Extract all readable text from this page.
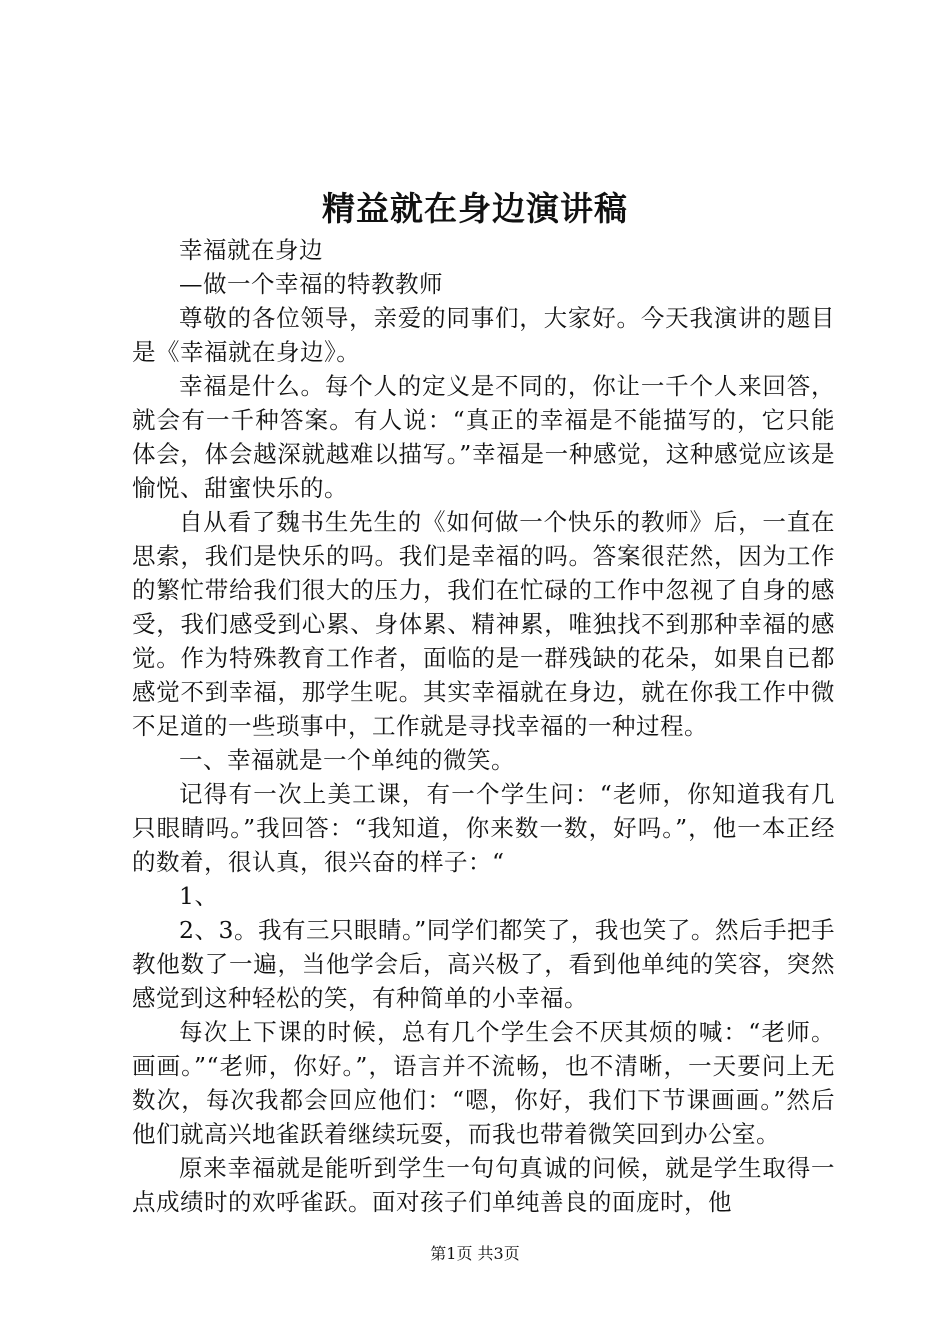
精益就在身边演讲稿

幸福就在身边

—做一个幸福的特教教师

尊敬的各位领导，亲爱的同事们，大家好。今天我演讲的题目是《幸福就在身边》。

幸福是什么。每个人的定义是不同的，你让一千个人来回答，就会有一千种答案。有人说：“真正的幸福是不能描写的，它只能体会，体会越深就越难以描写。”幸福是一种感觉，这种感觉应该是愉悦、甜蜜快乐的。

自从看了魏书生先生的《如何做一个快乐的教师》后，一直在思索，我们是快乐的吗。我们是幸福的吗。答案很茫然，因为工作的繁忙带给我们很大的压力，我们在忙碌的工作中忽视了自身的感受，我们感受到心累、身体累、精神累，唯独找不到那种幸福的感觉。作为特殊教育工作者，面临的是一群残缺的花朵，如果自已都感觉不到幸福，那学生呢。其实幸福就在身边，就在你我工作中微不足道的一些琐事中，工作就是寻找幸福的一种过程。

一、幸福就是一个单纯的微笑。

记得有一次上美工课，有一个学生问：“老师，你知道我有几只眼睛吗。”我回答：“我知道，你来数一数，好吗。”，他一本正经的数着，很认真，很兴奋的样子：“

1、

2、3。我有三只眼睛。”同学们都笑了，我也笑了。然后手把手教他数了一遍，当他学会后，高兴极了，看到他单纯的笑容，突然感觉到这种轻松的笑，有种简单的小幸福。

每次上下课的时候，总有几个学生会不厌其烦的喊：“老师。画画。”“老师，你好。”，语言并不流畅，也不清晰，一天要问上无数次，每次我都会回应他们：“嗯，你好，我们下节课画画。”然后他们就高兴地雀跃着继续玩耍，而我也带着微笑回到办公室。

原来幸福就是能听到学生一句句真诚的问候，就是学生取得一点成绩时的欢呼雀跃。面对孩子们单纯善良的面庞时，他

第1页 共3页
